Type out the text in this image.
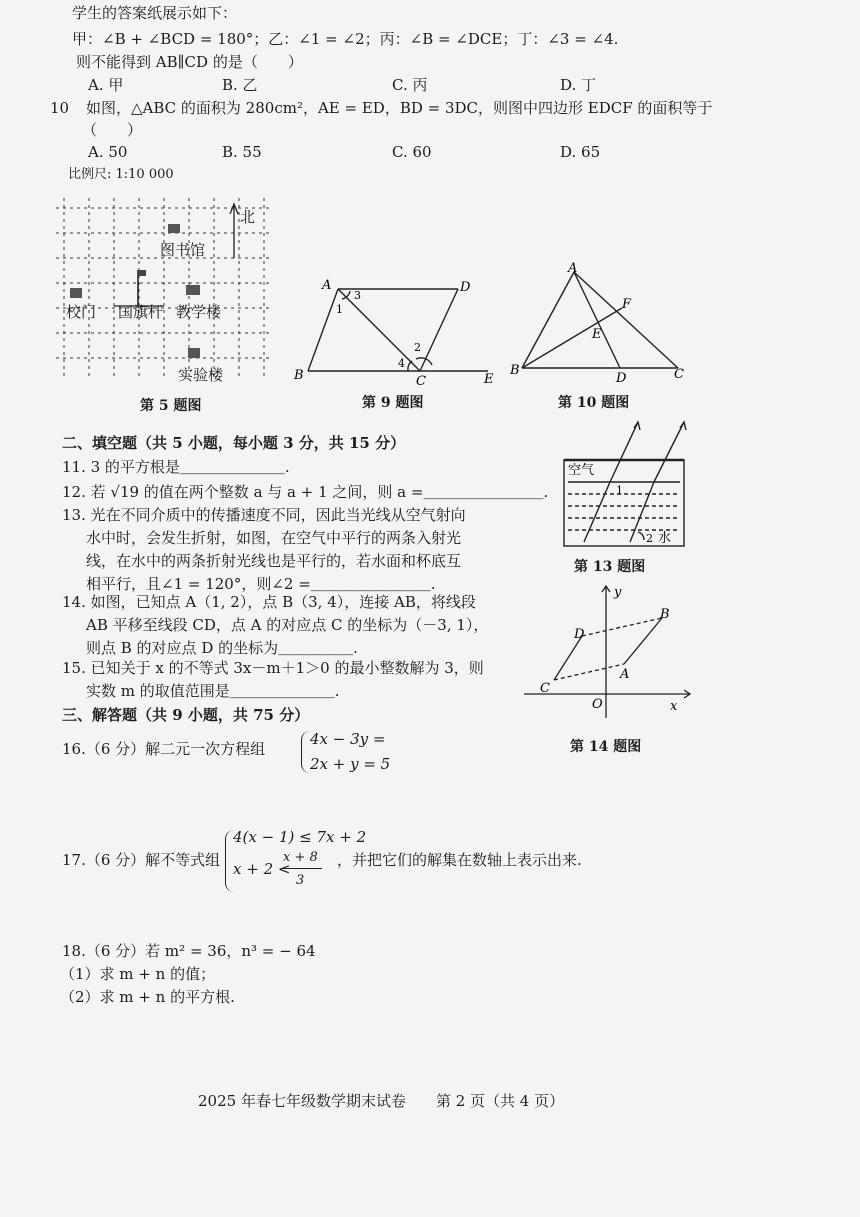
学生的答案纸展示如下：
甲：∠B + ∠BCD = 180°；乙：∠1 = ∠2；丙：∠B = ∠DCE；丁：∠3 = ∠4.
则不能得到 AB∥CD 的是（　　）
A. 甲	B. 乙	C. 丙	D. 丁
10 如图，△ABC 的面积为 280cm²，AE = ED，BD = 3DC，则图中四边形 EDCF 的面积等于
（　　）
A. 50	B. 55	C. 60	D. 65
比例尺: 1:10 000
北
图书馆
校门 国旗杆 教学楼
实验楼
第 5 题图
A	D
B	C	E
1
2
3
4
第 9 题图
A
B	C
D
E
F
第 10 题图
二、填空题（共 5 小题，每小题 3 分，共 15 分）
11. 3 的平方根是＿＿＿＿＿＿＿.
12. 若 √19 的值在两个整数 a 与 a + 1 之间，则 a =＿＿＿＿＿＿＿＿.
13. 光在不同介质中的传播速度不同，因此当光线从空气射向
水中时，会发生折射，如图，在空气中平行的两条入射光
线，在水中的两条折射光线也是平行的，若水面和杯底互
相平行，且∠1 = 120°，则∠2 =＿＿＿＿＿＿＿＿.
14. 如图，已知点 A（1, 2），点 B（3, 4），连接 AB，将线段
AB 平移至线段 CD，点 A 的对应点 C 的坐标为（－3, 1），
则点 B 的对应点 D 的坐标为＿＿＿＿＿.
15. 已知关于 x 的不等式 3x－m＋1＞0 的最小整数解为 3，则
实数 m 的取值范围是＿＿＿＿＿＿＿.
空气
水
1
2
第 13 题图
y
x
O
A
B
C
D
第 14 题图
三、解答题（共 9 小题，共 75 分）
16.（6 分）解二元一次方程组
4x − 3y =
2x + y = 5
17.（6 分）解不等式组
4(x − 1) ≤ 7x + 2
x + 2 <
x + 8
3
，并把它们的解集在数轴上表示出来.
18.（6 分）若 m² = 36，n³ = − 64
（1）求 m + n 的值；
（2）求 m + n 的平方根.
2025 年春七年级数学期末试卷　　第 2 页（共 4 页）
